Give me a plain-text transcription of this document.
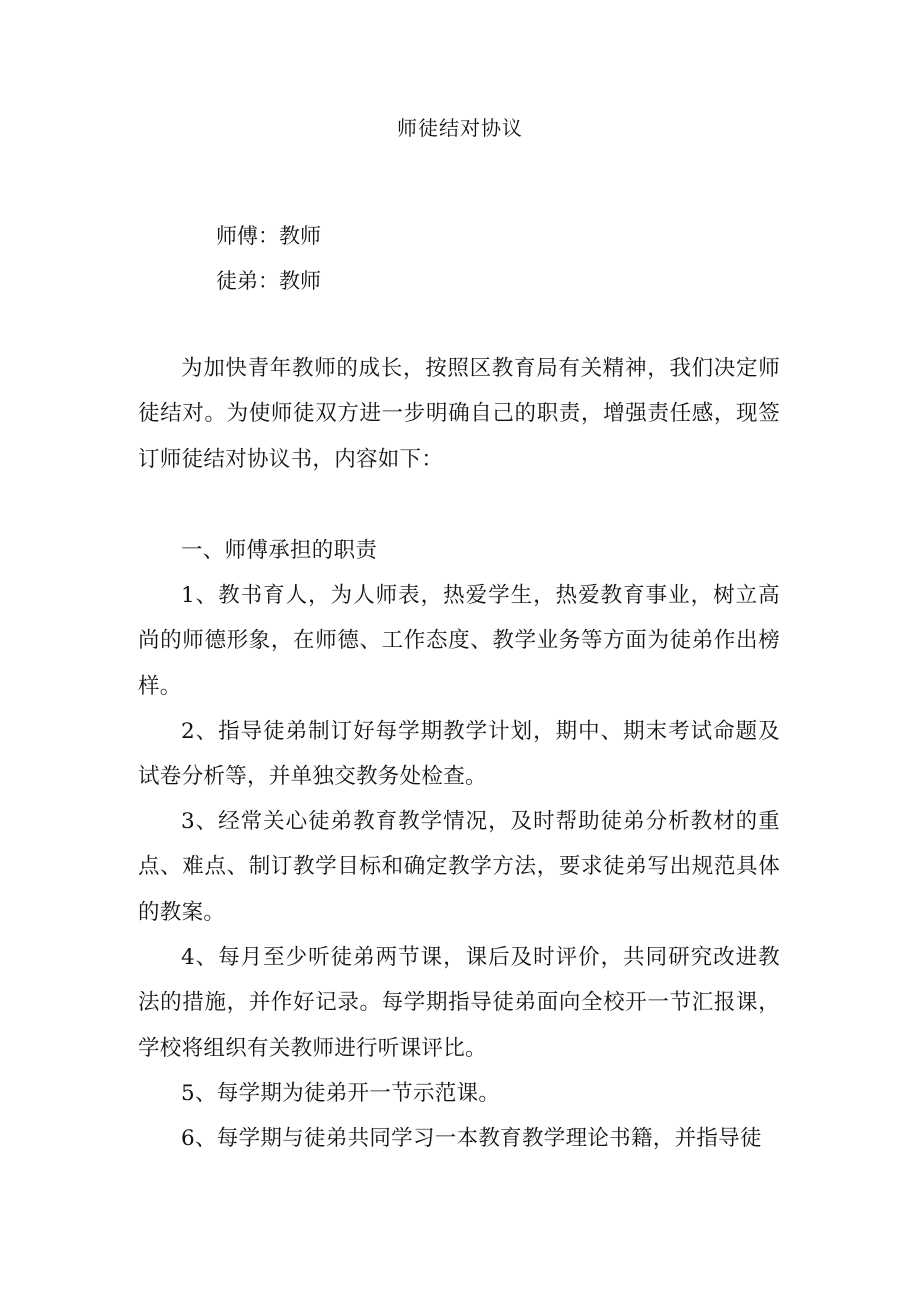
师徒结对协议
师傅：教师
徒弟：教师
为加快青年教师的成长，按照区教育局有关精神，我们决定师徒结对。为使师徒双方进一步明确自己的职责，增强责任感，现签订师徒结对协议书，内容如下：
一、师傅承担的职责
1、教书育人，为人师表，热爱学生，热爱教育事业，树立高尚的师德形象，在师德、工作态度、教学业务等方面为徒弟作出榜样。
2、指导徒弟制订好每学期教学计划，期中、期末考试命题及试卷分析等，并单独交教务处检查。
3、经常关心徒弟教育教学情况，及时帮助徒弟分析教材的重点、难点、制订教学目标和确定教学方法，要求徒弟写出规范具体的教案。
4、每月至少听徒弟两节课，课后及时评价，共同研究改进教法的措施，并作好记录。每学期指导徒弟面向全校开一节汇报课，学校将组织有关教师进行听课评比。
5、每学期为徒弟开一节示范课。
6、每学期与徒弟共同学习一本教育教学理论书籍，并指导徒
